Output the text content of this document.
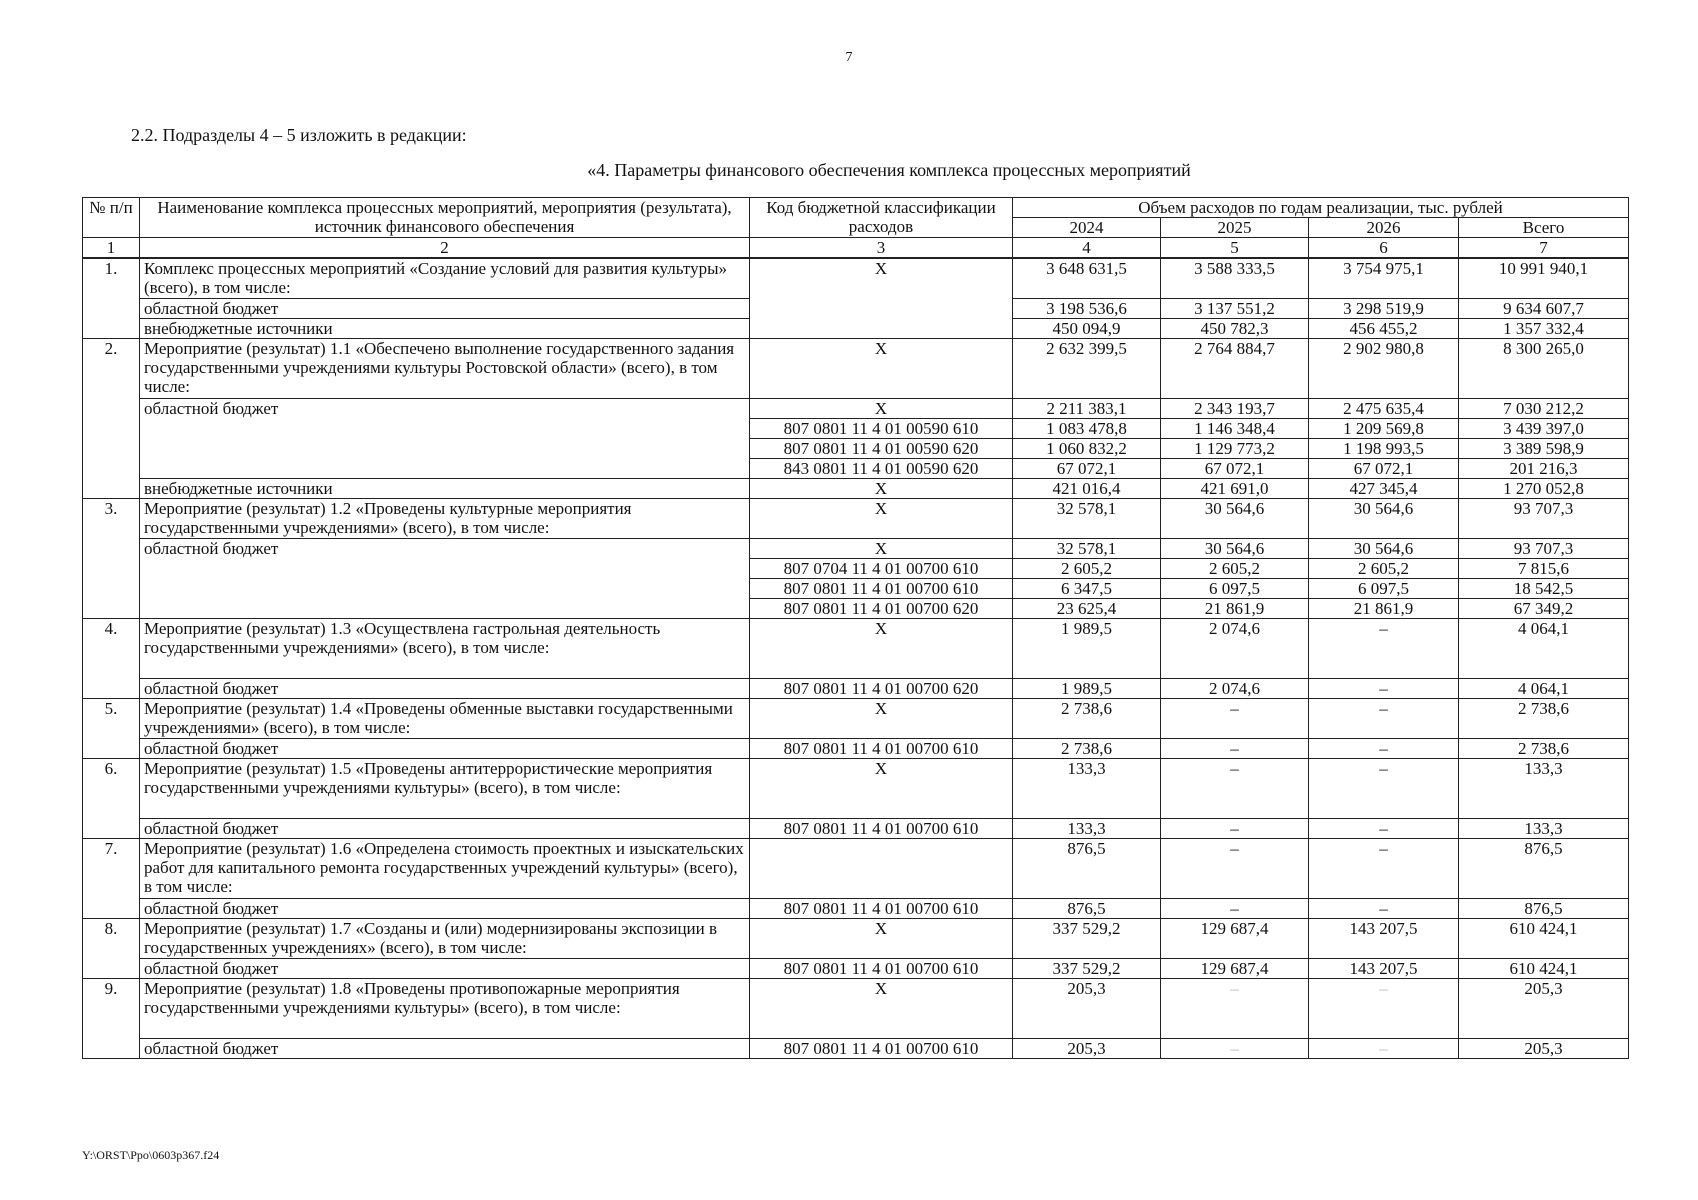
7
2.2. Подразделы 4 – 5 изложить в редакции:
«4. Параметры финансового обеспечения комплекса процессных мероприятий
№ п/п	Наименование комплекса процессных мероприятий, мероприятия (результата), источник финансового обеспечения	Код бюджетной классификации расходов	Объем расходов по годам реализации, тыс. рублей			
			2024	2025	2026	Всего
1	2	3	4	5	6	7
1.	Комплекс процессных мероприятий «Создание условий для развития культуры» (всего), в том числе:	X	3 648 631,5	3 588 333,5	3 754 975,1	10 991 940,1
	областной бюджет		3 198 536,6	3 137 551,2	3 298 519,9	9 634 607,7
	внебюджетные источники		450 094,9	450 782,3	456 455,2	1 357 332,4
2.	Мероприятие (результат) 1.1 «Обеспечено выполнение государственного задания государственными учреждениями культуры Ростовской области» (всего), в том числе:	X	2 632 399,5	2 764 884,7	2 902 980,8	8 300 265,0
	областной бюджет	X	2 211 383,1	2 343 193,7	2 475 635,4	7 030 212,2
		807 0801 11 4 01 00590 610	1 083 478,8	1 146 348,4	1 209 569,8	3 439 397,0
		807 0801 11 4 01 00590 620	1 060 832,2	1 129 773,2	1 198 993,5	3 389 598,9
		843 0801 11 4 01 00590 620	67 072,1	67 072,1	67 072,1	201 216,3
	внебюджетные источники	X	421 016,4	421 691,0	427 345,4	1 270 052,8
3.	Мероприятие (результат) 1.2 «Проведены культурные мероприятия государственными учреждениями» (всего), в том числе:	X	32 578,1	30 564,6	30 564,6	93 707,3
	областной бюджет	X	32 578,1	30 564,6	30 564,6	93 707,3
		807 0704 11 4 01 00700 610	2 605,2	2 605,2	2 605,2	7 815,6
		807 0801 11 4 01 00700 610	6 347,5	6 097,5	6 097,5	18 542,5
		807 0801 11 4 01 00700 620	23 625,4	21 861,9	21 861,9	67 349,2
4.	Мероприятие (результат) 1.3 «Осуществлена гастрольная деятельность государственными учреждениями» (всего), в том числе:	X	1 989,5	2 074,6	–	4 064,1
	областной бюджет	807 0801 11 4 01 00700 620	1 989,5	2 074,6	–	4 064,1
5.	Мероприятие (результат) 1.4 «Проведены обменные выставки государственными учреждениями» (всего), в том числе:	X	2 738,6	–	–	2 738,6
	областной бюджет	807 0801 11 4 01 00700 610	2 738,6	–	–	2 738,6
6.	Мероприятие (результат) 1.5 «Проведены антитеррористические мероприятия государственными учреждениями культуры» (всего), в том числе:	X	133,3	–	–	133,3
	областной бюджет	807 0801 11 4 01 00700 610	133,3	–	–	133,3
7.	Мероприятие (результат) 1.6 «Определена стоимость проектных и изыскательских работ для капитального ремонта государственных учреждений культуры» (всего), в том числе:		876,5	–	–	876,5
	областной бюджет	807 0801 11 4 01 00700 610	876,5	–	–	876,5
8.	Мероприятие (результат) 1.7 «Созданы и (или) модернизированы экспозиции в государственных учреждениях» (всего), в том числе:	X	337 529,2	129 687,4	143 207,5	610 424,1
	областной бюджет	807 0801 11 4 01 00700 610	337 529,2	129 687,4	143 207,5	610 424,1
9.	Мероприятие (результат) 1.8 «Проведены противопожарные мероприятия государственными учреждениями культуры» (всего), в том числе:	X	205,3	–	–	205,3
	областной бюджет	807 0801 11 4 01 00700 610	205,3	–	–	205,3
Y:\ORST\Ppo\0603p367.f24
